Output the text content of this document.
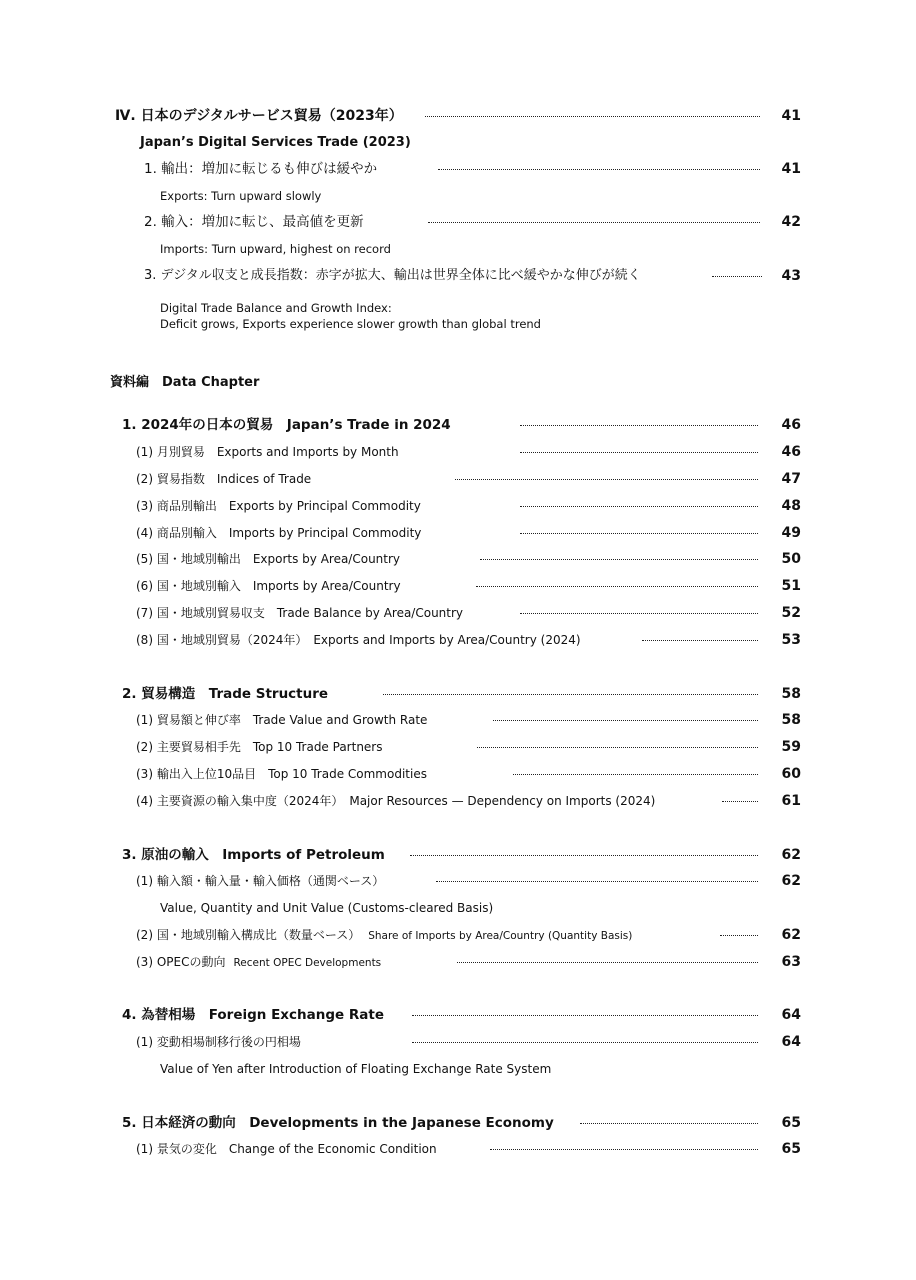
Ⅳ. 日本のデジタルサービス貿易（2023年）	41
Japan’s Digital Services Trade (2023)
1. 輸出：増加に転じるも伸びは緩やか	41
Exports: Turn upward slowly
2. 輸入：増加に転じ、最高値を更新	42
Imports: Turn upward, highest on record
3. デジタル収支と成長指数：赤字が拡大、輸出は世界全体に比べ緩やかな伸びが続く	43
Digital Trade Balance and Growth Index:
Deficit grows, Exports experience slower growth than global trend
資料編　Data Chapter
1. 2024年の日本の貿易　Japan’s Trade in 2024	46
(1) 月別貿易　Exports and Imports by Month	46
(2) 貿易指数　Indices of Trade	47
(3) 商品別輸出　Exports by Principal Commodity	48
(4) 商品別輸入　Imports by Principal Commodity	49
(5) 国・地域別輸出　Exports by Area/Country	50
(6) 国・地域別輸入　Imports by Area/Country	51
(7) 国・地域別貿易収支　Trade Balance by Area/Country	52
(8) 国・地域別貿易（2024年）　Exports and Imports by Area/Country (2024)	53
2. 貿易構造　Trade Structure	58
(1) 貿易額と伸び率　Trade Value and Growth Rate	58
(2) 主要貿易相手先　Top 10 Trade Partners	59
(3) 輸出入上位10品目　Top 10 Trade Commodities	60
(4) 主要資源の輸入集中度（2024年）　Major Resources — Dependency on Imports (2024)	61
3. 原油の輸入　Imports of Petroleum	62
(1) 輸入額・輸入量・輸入価格（通関ベース）	62
Value, Quantity and Unit Value (Customs-cleared Basis)
(2) 国・地域別輸入構成比（数量ベース） Share of Imports by Area/Country (Quantity Basis)	62
(3) OPECの動向 Recent OPEC Developments	63
4. 為替相場　Foreign Exchange Rate	64
(1) 変動相場制移行後の円相場	64
Value of Yen after Introduction of Floating Exchange Rate System
5. 日本経済の動向　Developments in the Japanese Economy	65
(1) 景気の変化　Change of the Economic Condition	65
